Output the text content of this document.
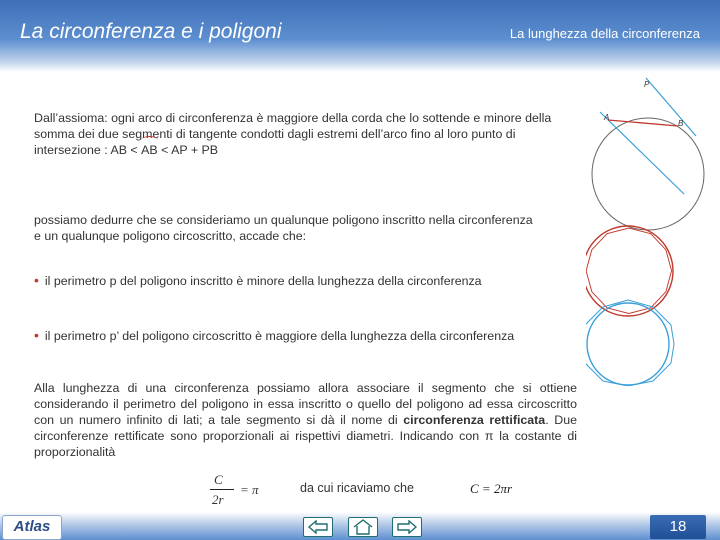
La circonferenza e i poligoni	La lunghezza della circonferenza
Dall’assioma: ogni arco di circonferenza è maggiore della corda che lo sottende e minore della somma dei due segmenti di tangente condotti dagli estremi dell’arco fino al loro punto di intersezione : AB < AB < AP + PB
possiamo dedurre che se consideriamo un qualunque poligono inscritto nella circonferenza e un qualunque poligono circoscritto, accade che:
• il perimetro p del poligono inscritto è minore della lunghezza della circonferenza
• il perimetro p’ del poligono circoscritto è maggiore della lunghezza della circonferenza
Alla lunghezza di una circonferenza possiamo allora associare il segmento che si ottiene considerando il perimetro del poligono in essa inscritto o quello del poligono ad essa circoscritto con un numero infinito di lati; a tale segmento si dà il nome di circonferenza rettificata. Due circonferenze rettificate sono proporzionali ai rispettivi diametri. Indicando con π la costante di proporzionalità
C
2r
= π	da cui ricaviamo che	C = 2πr
P
A
B
Atlas	18
